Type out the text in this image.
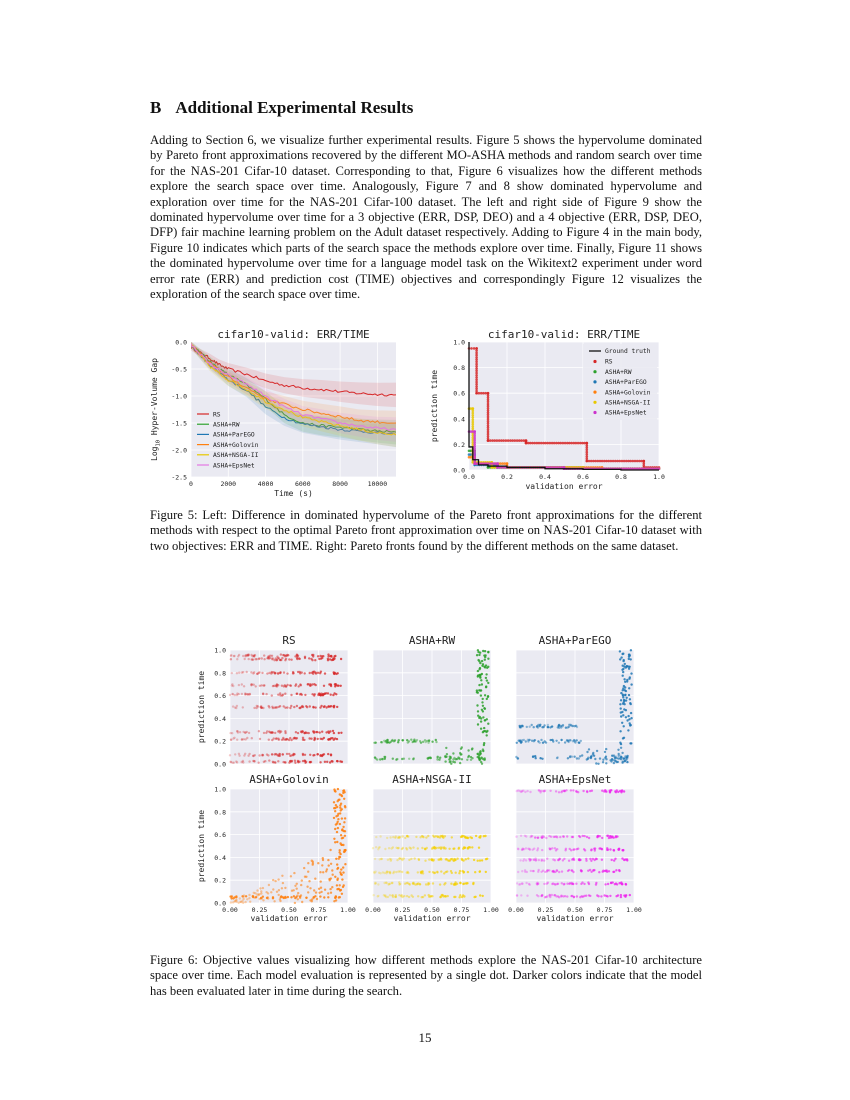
B Additional Experimental Results
Adding to Section 6, we visualize further experimental results. Figure 5 shows the hypervolume dominated by Pareto front approximations recovered by the different MO-ASHA methods and random search over time for the NAS-201 Cifar-10 dataset. Corresponding to that, Figure 6 visualizes how the different methods explore the search space over time. Analogously, Figure 7 and 8 show dominated hypervolume and exploration over time for the NAS-201 Cifar-100 dataset. The left and right side of Figure 9 show the dominated hypervolume over time for a 3 objective (ERR, DSP, DEO) and a 4 objective (ERR, DSP, DEO, DFP) fair machine learning problem on the Adult dataset respectively. Adding to Figure 4 in the main body, Figure 10 indicates which parts of the search space the methods explore over time. Finally, Figure 11 shows the dominated hypervolume over time for a language model task on the Wikitext2 experiment under word error rate (ERR) and prediction cost (TIME) objectives and correspondingly Figure 12 visualizes the exploration of the search space over time.
0	2000	4000	6000	8000	10000
0.0
-0.5
-1.0
-1.5
-2.0
-2.5
cifar10-valid: ERR/TIME
Time (s)
Log$_{10}$ Hyper-Volume Gap	RS
ASHA+RW
ASHA+ParEGO
ASHA+Golovin
ASHA+NSGA-II
ASHA+EpsNet
0.0	0.2	0.4	0.6	0.8	1.0
0.0
0.2
0.4
0.6
0.8
1.0
cifar10-valid: ERR/TIME
validation error
prediction time
Ground truth
RS
ASHA+RW
ASHA+ParEGO
ASHA+Golovin
ASHA+NSGA-II
ASHA+EpsNet
Figure 5: Left: Difference in dominated hypervolume of the Pareto front approximations for the different methods with respect to the optimal Pareto front approximation over time on NAS-201 Cifar-10 dataset with two objectives: ERR and TIME. Right: Pareto fronts found by the different methods on the same dataset.
0.0
0.2
0.4
0.6
0.8
1.0
RS	ASHA+RW	ASHA+ParEGO
0.00 0.25 0.50 0.75 1.00
0.0
0.2
0.4
0.6
0.8
1.0
ASHA+Golovin
0.00 0.25 0.50 0.75 1.00
ASHA+NSGA-II
0.00 0.25 0.50 0.75 1.00
ASHA+EpsNet
prediction time
prediction time
validation error	validation error	validation error
Figure 6: Objective values visualizing how different methods explore the NAS-201 Cifar-10 architecture space over time. Each model evaluation is represented by a single dot. Darker colors indicate that the model has been evaluated later in time during the search.
15
